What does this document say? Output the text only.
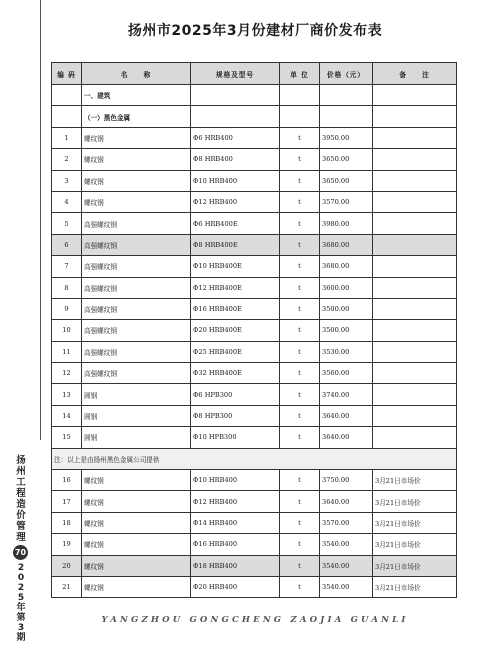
扬州市2025年3月份建材厂商价发布表
编 码	名　　称	规格及型号	单 位	价格（元）	备　　注
	一、建筑				
	（一）黑色金属				
1	螺纹钢	Φ6 HRB400	t	3950.00	
2	螺纹钢	Φ8 HRB400	t	3650.00	
3	螺纹钢	Φ10 HRB400	t	3650.00	
4	螺纹钢	Φ12 HRB400	t	3570.00	
5	高强螺纹钢	Φ6 HRB400E	t	3980.00	
6	高强螺纹钢	Φ8 HRB400E	t	3680.00	
7	高强螺纹钢	Φ10 HRB400E	t	3680.00	
8	高强螺纹钢	Φ12 HRB400E	t	3600.00	
9	高强螺纹钢	Φ16 HRB400E	t	3500.00	
10	高强螺纹钢	Φ20 HRB400E	t	3500.00	
11	高强螺纹钢	Φ25 HRB400E	t	3530.00	
12	高强螺纹钢	Φ32 HRB400E	t	3560.00	
13	圆钢	Φ6 HPB300	t	3740.00	
14	圆钢	Φ8 HPB300	t	3640.00	
15	圆钢	Φ10 HPB300	t	3640.00	
注：以上是由扬州黑色金属公司提供					
16	螺纹钢	Φ10 HRB400	t	3750.00	3月21日市场价
17	螺纹钢	Φ12 HRB400	t	3640.00	3月21日市场价
18	螺纹钢	Φ14 HRB400	t	3570.00	3月21日市场价
19	螺纹钢	Φ16 HRB400	t	3540.00	3月21日市场价
20	螺纹钢	Φ18 HRB400	t	3540.00	3月21日市场价
21	螺纹钢	Φ20 HRB400	t	3540.00	3月21日市场价
扬
州
工
程
造
价
管
理
70
2
0
2
5
年
第
3
期
YANGZHOU GONGCHENG ZAOJIA GUANLI
